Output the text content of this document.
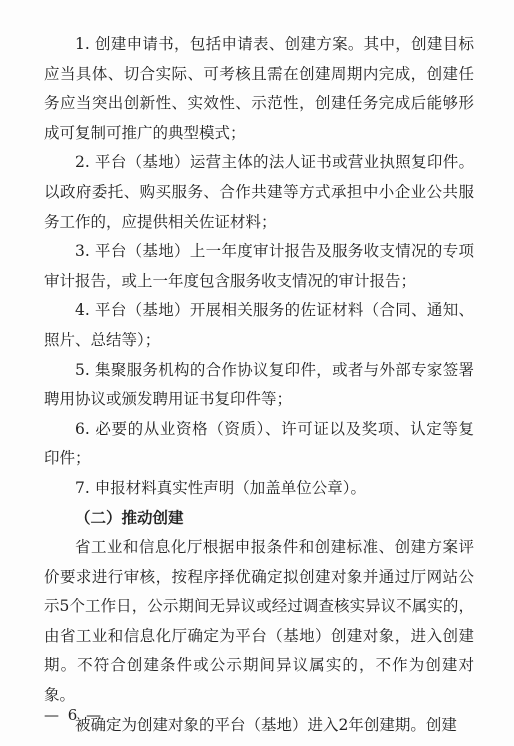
1. 创建申请书，包括申请表、创建方案。其中，创建目标应当具体、切合实际、可考核且需在创建周期内完成，创建任务应当突出创新性、实效性、示范性，创建任务完成后能够形成可复制可推广的典型模式；

2. 平台（基地）运营主体的法人证书或营业执照复印件。以政府委托、购买服务、合作共建等方式承担中小企业公共服务工作的，应提供相关佐证材料；

3. 平台（基地）上一年度审计报告及服务收支情况的专项审计报告，或上一年度包含服务收支情况的审计报告；

4. 平台（基地）开展相关服务的佐证材料（合同、通知、照片、总结等）；

5. 集聚服务机构的合作协议复印件，或者与外部专家签署聘用协议或颁发聘用证书复印件等；

6. 必要的从业资格（资质）、许可证以及奖项、认定等复印件；

7. 申报材料真实性声明（加盖单位公章）。

（二）推动创建

省工业和信息化厅根据申报条件和创建标准、创建方案评价要求进行审核，按程序择优确定拟创建对象并通过厅网站公示5个工作日，公示期间无异议或经过调查核实异议不属实的，由省工业和信息化厅确定为平台（基地）创建对象，进入创建期。不符合创建条件或公示期间异议属实的，不作为创建对象。

被确定为创建对象的平台（基地）进入2年创建期。创建

— 6 —
